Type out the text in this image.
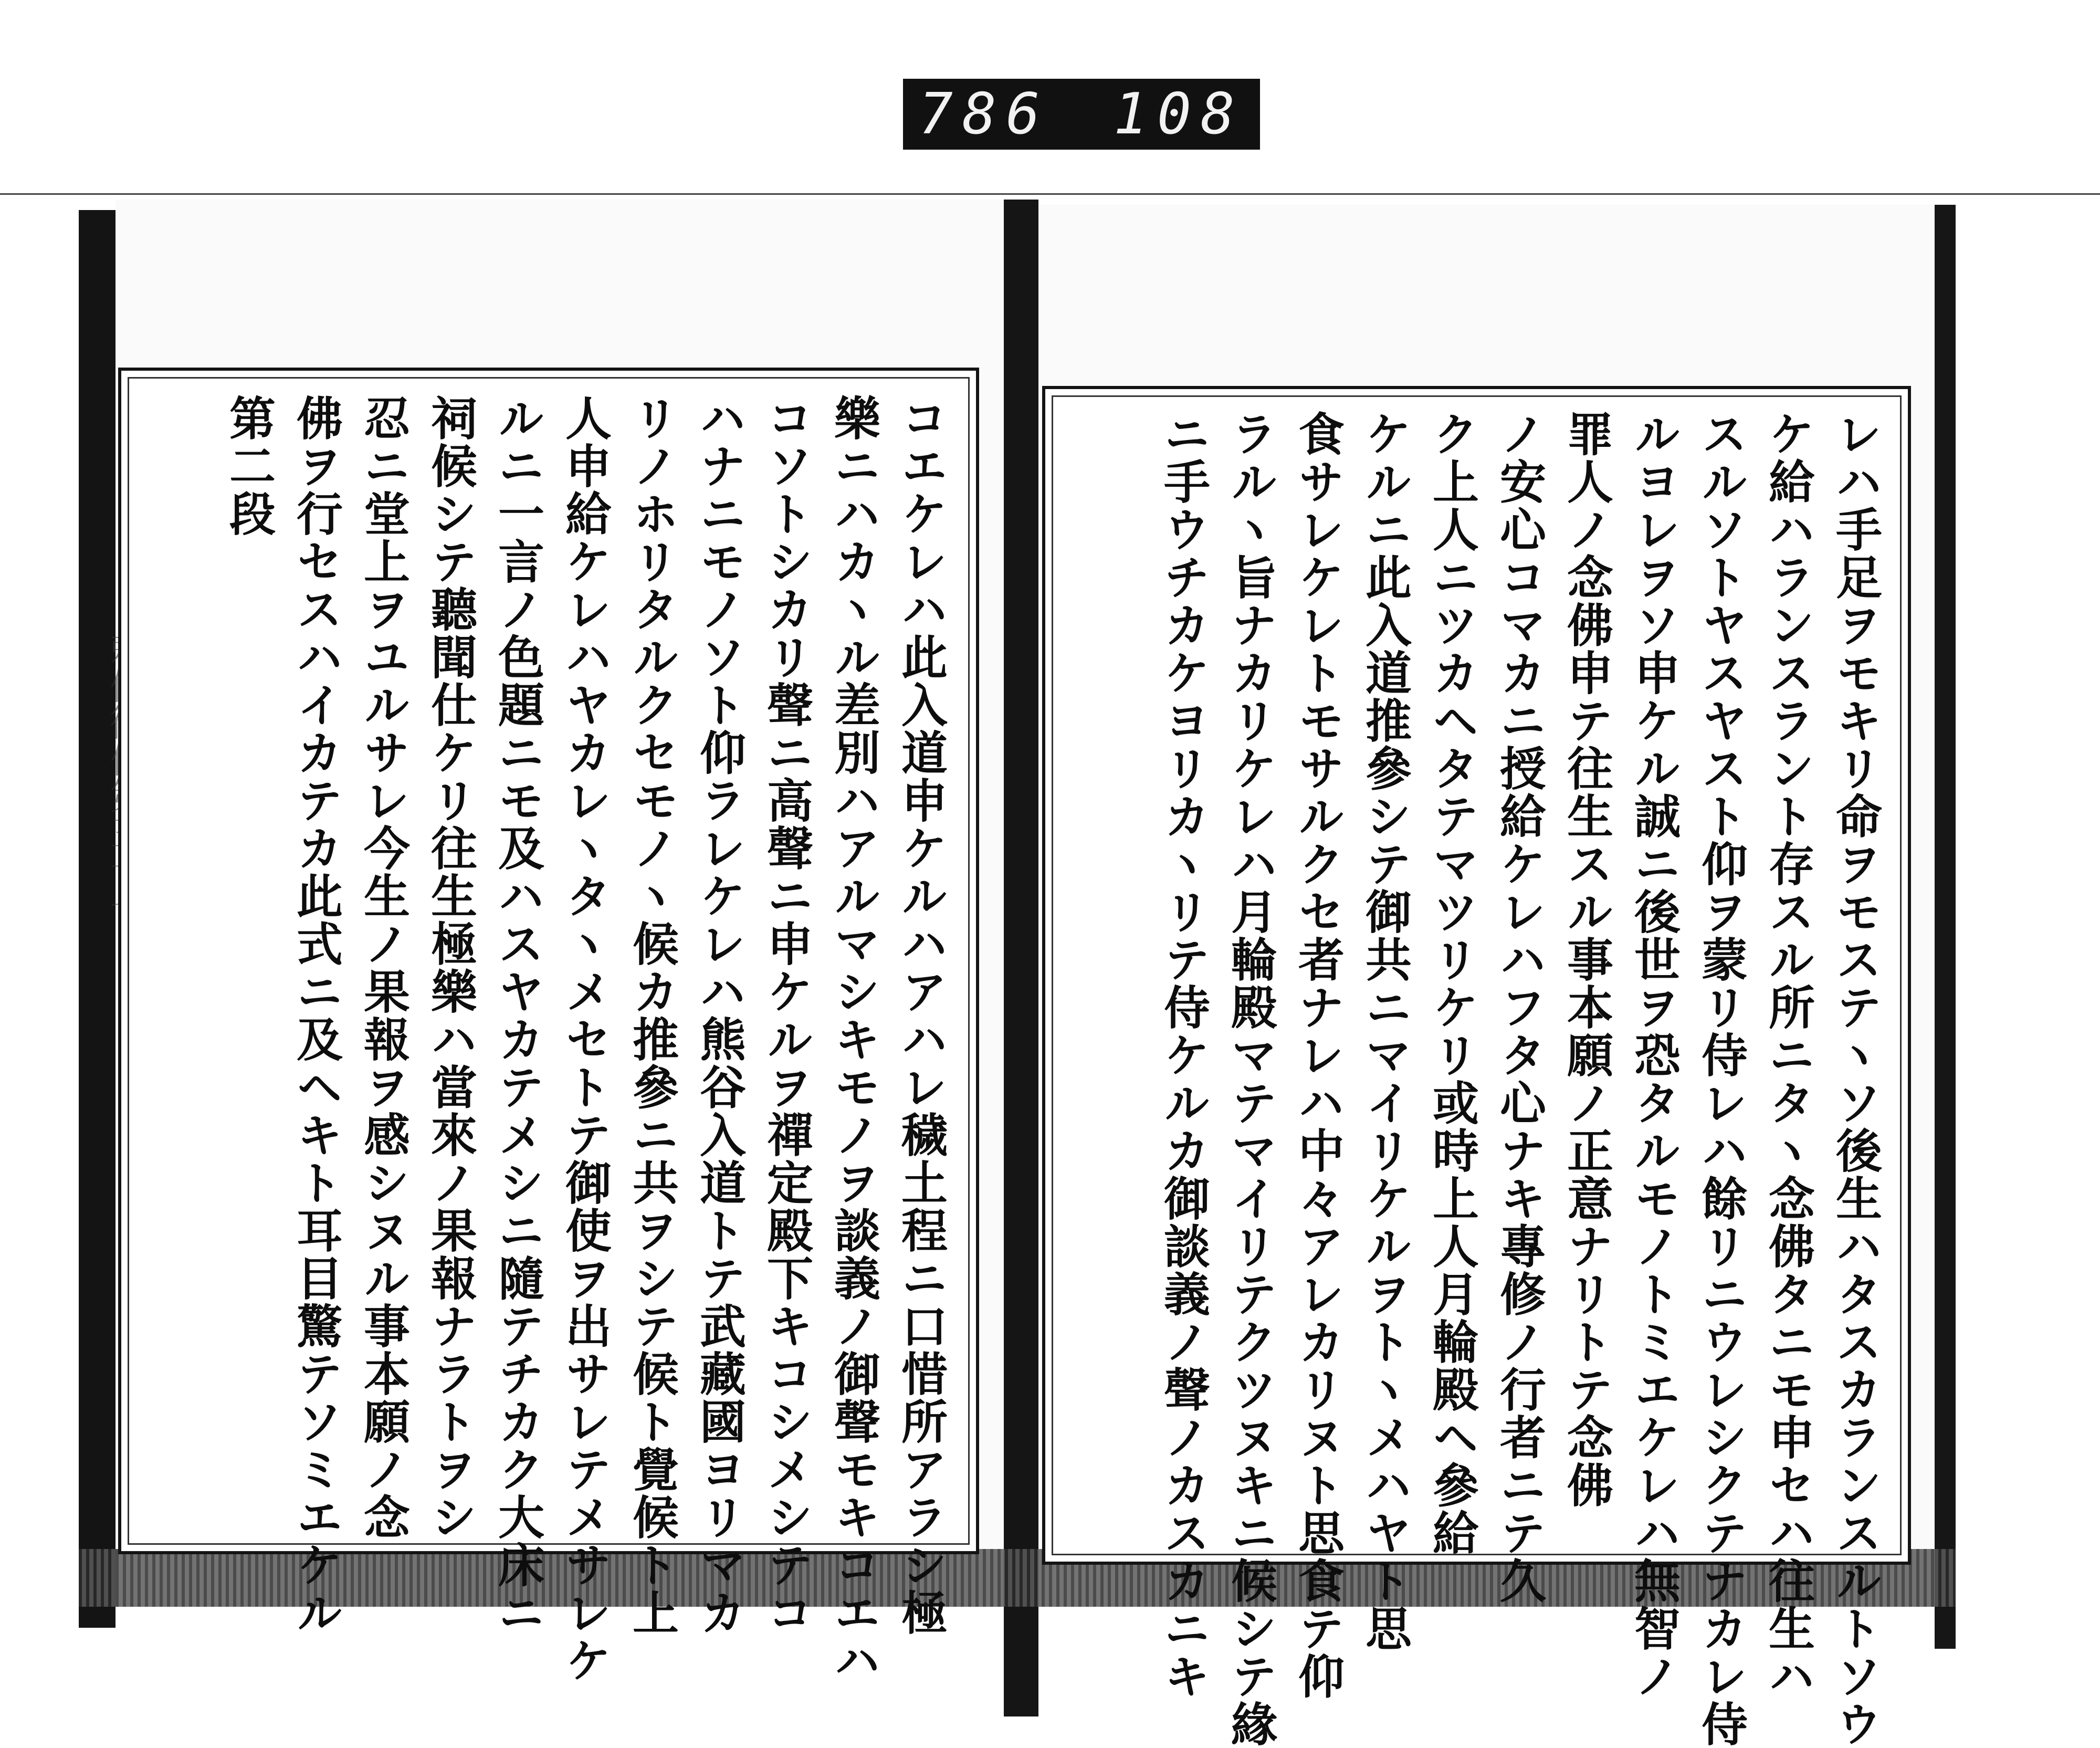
786 108
コエケレハ此入道申ケルハアハレ穢土程ニ口惜所アラシ極
樂ニハカヽル差別ハアルマシキモノヲ談義ノ御聲モキコエハ
コソトシカリ聲ニ高聲ニ申ケルヲ禪定殿下キコシメシテコ
ハナニモノソト仰ラレケレハ熊谷入道トテ武藏國ヨリマカ
リノホリタルクセモノヽ候カ推參ニ共ヲシテ候ト覺候ト上
人申給ケレハヤカレヽタヽメセトテ御使ヲ出サレテメサレケ
ルニ一言ノ色題ニモ及ハスヤカテメシニ隨テチカク大床ニ
祠候シテ聽聞仕ケリ往生極樂ハ當來ノ果報ナラトヲシ
忍ニ堂上ヲユルサレ今生ノ果報ヲ感シヌル事本願ノ念
佛ヲ行セスハイカテカ此式ニ及ヘキト耳目驚テソミエケル
第二段	レハ手足ヲモキリ命ヲモステヽソ後生ハタスカランスルトソウ
ケ給ハランスラント存スル所ニタヽ念佛タニモ申セハ往生ハ
スルソトヤスヤスト仰ヲ蒙リ侍レハ餘リニウレシクテナカレ侍
ルヨレヲソ申ケル誠ニ後世ヲ恐タルモノトミエケレハ無智ノ
罪人ノ念佛申テ往生スル事本願ノ正意ナリトテ念佛
ノ安心コマカニ授給ケレハフタ心ナキ專修ノ行者ニテ久
ク上人ニツカヘタテマツリケリ或時上人月輪殿ヘ參給
ケルニ此入道推參シテ御共ニマイリケルヲトヽメハヤト思
食サレケレトモサルクセ者ナレハ中々アレカリヌト思食テ仰
ラルヽ旨ナカリケレハ月輪殿マテマイリテクツヌキニ候シテ緣
ニ手ウチカケヨリカヽリテ侍ケルカ御談義ノ聲ノカスカニキ
